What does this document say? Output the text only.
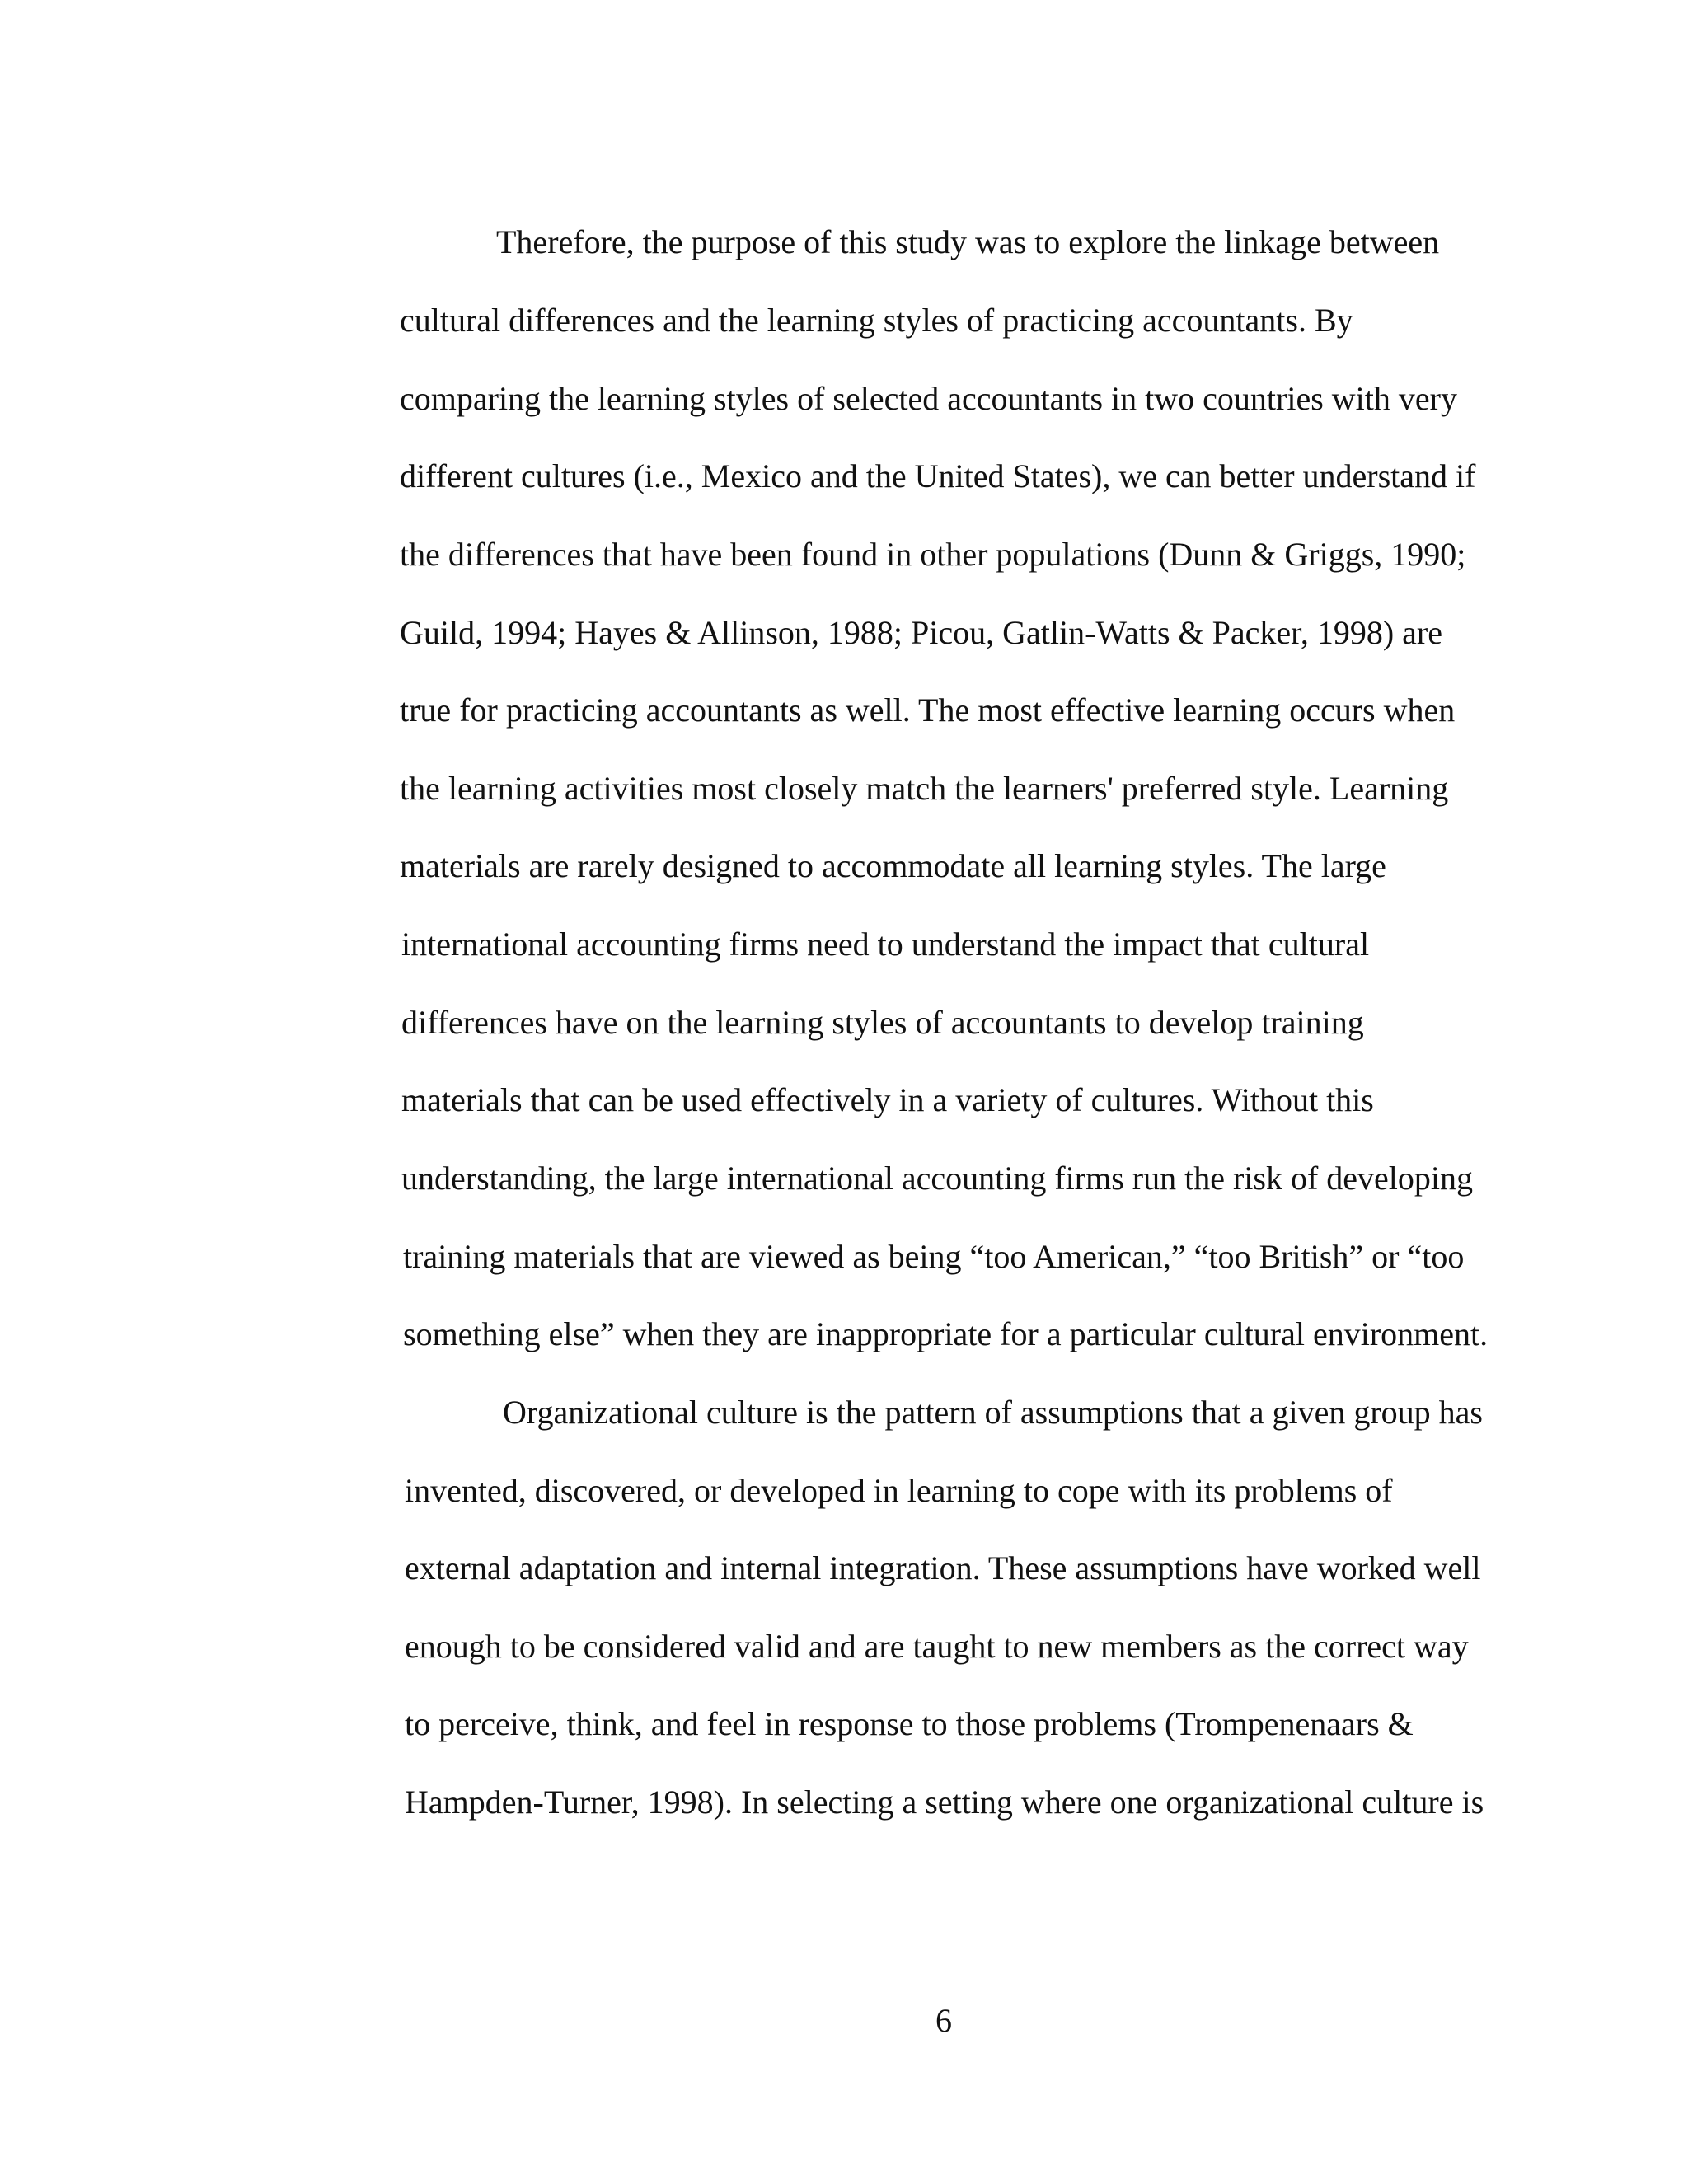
Therefore, the purpose of this study was to explore the linkage between

cultural differences and the learning styles of practicing accountants. By

comparing the learning styles of selected accountants in two countries with very

different cultures (i.e., Mexico and the United States), we can better understand if

the differences that have been found in other populations (Dunn & Griggs, 1990;

Guild, 1994; Hayes & Allinson, 1988; Picou, Gatlin-Watts & Packer, 1998) are

true for practicing accountants as well. The most effective learning occurs when

the learning activities most closely match the learners' preferred style. Learning

materials are rarely designed to accommodate all learning styles. The large

international accounting firms need to understand the impact that cultural

differences have on the learning styles of accountants to develop training

materials that can be used effectively in a variety of cultures. Without this

understanding, the large international accounting firms run the risk of developing

training materials that are viewed as being “too American,” “too British” or “too

something else” when they are inappropriate for a particular cultural environment.

Organizational culture is the pattern of assumptions that a given group has

invented, discovered, or developed in learning to cope with its problems of

external adaptation and internal integration. These assumptions have worked well

enough to be considered valid and are taught to new members as the correct way

to perceive, think, and feel in response to those problems (Trompenenaars &

Hampden-Turner, 1998). In selecting a setting where one organizational culture is

6
